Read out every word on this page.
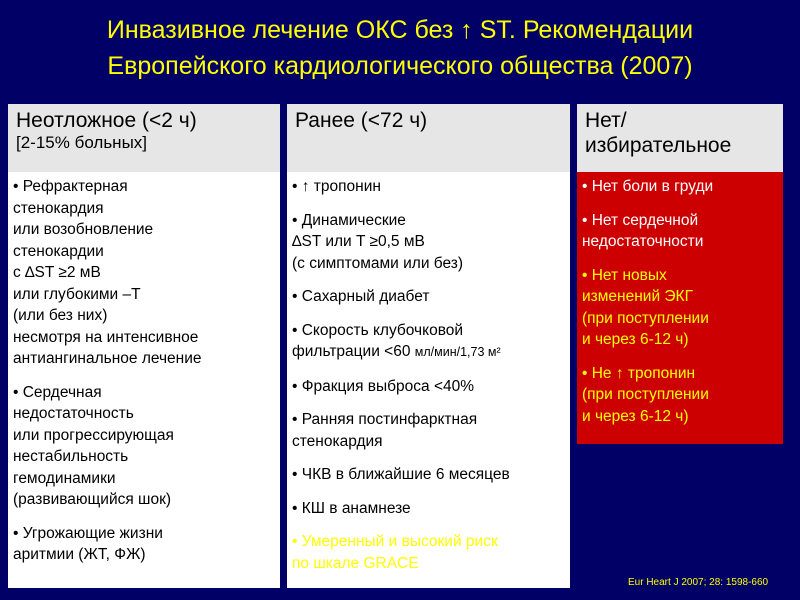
Инвазивное лечение ОКС без ↑ ST. Рекомендации
Европейского кардиологического общества (2007)
Неотложное (<2 ч)
[2-15% больных]
Ранее (<72 ч)	Нет/ избирательное
• Рефрактерная
стенокардия
или возобновление
стенокардии
с ∆ST ≥2 мВ
или глубокими –T
(или без них)
несмотря на интенсивное
антиангинальное лечение
• Сердечная
недостаточность
или прогрессирующая
нестабильность
гемодинамики
(развивающийся шок)
• Угрожающие жизни
аритмии (ЖТ, ФЖ)
• ↑ тропонин
• Динамические
∆ST или T ≥0,5 мВ
(с симптомами или без)
• Сахарный диабет
• Скорость клубочковой
фильтрации <60 мл/мин/1,73 м²
• Фракция выброса <40%
• Ранняя постинфарктная
стенокардия
• ЧКВ в ближайшие 6 месяцев
• КШ в анамнезе
• Умеренный и высокий риск
по шкале GRACE
• Нет боли в груди
• Нет сердечной
недостаточности
• Нет новых
изменений ЭКГ
(при поступлении
и через 6-12 ч)
• Не ↑ тропонин
(при поступлении
и через 6-12 ч)
Eur Heart J 2007; 28: 1598-660
